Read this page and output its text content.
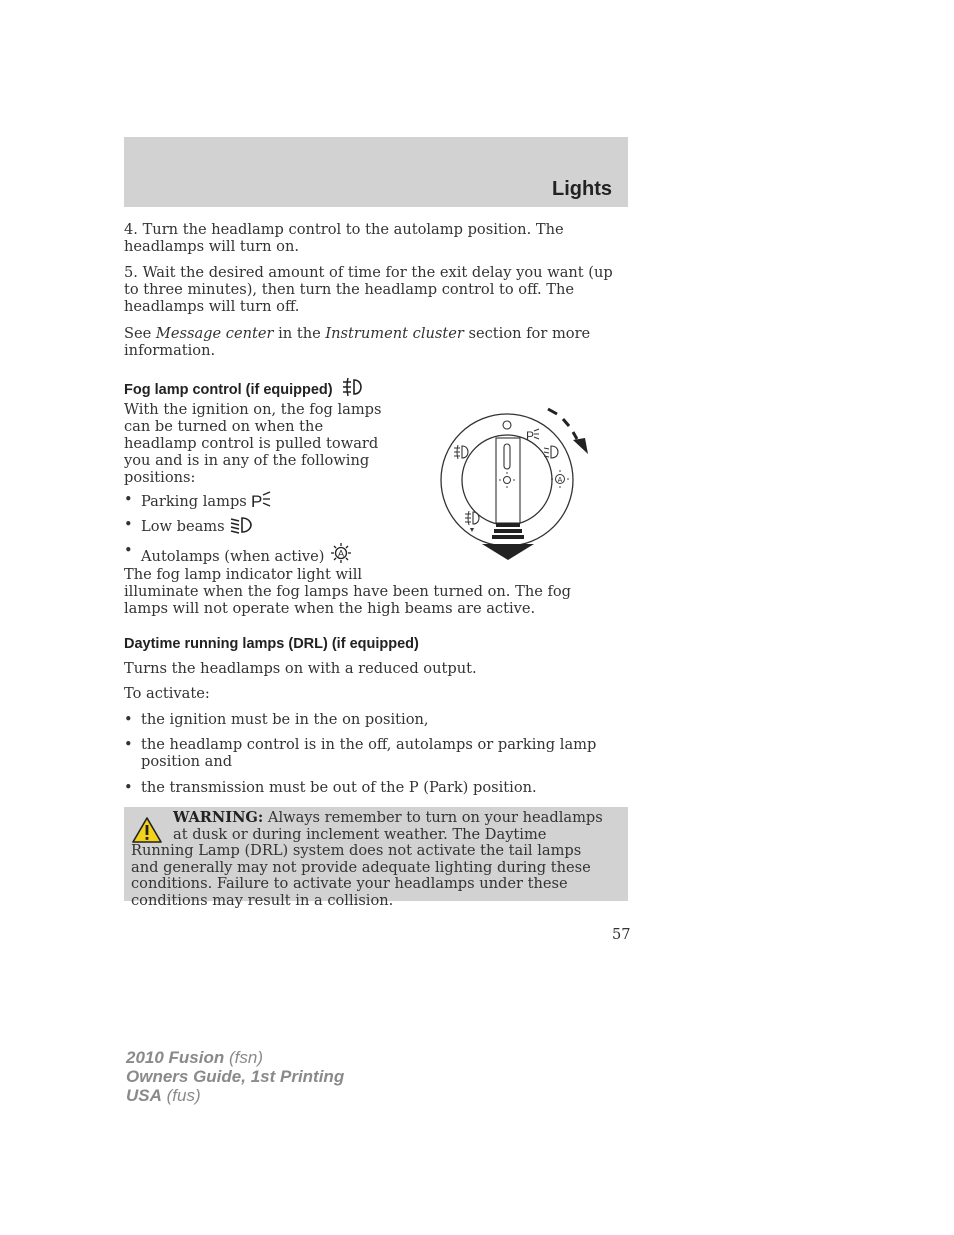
Lights

4. Turn the headlamp control to the autolamp position. The headlamps will turn on.

5. Wait the desired amount of time for the exit delay you want (up to three minutes), then turn the headlamp control to off. The headlamps will turn off.

See Message center in the Instrument cluster section for more information.

Fog lamp control (if equipped)
With the ignition on, the fog lamps
can be turned on when the
headlamp control is pulled toward
you and is in any of the following
positions:
• Parking lamps P
• Low beams
• Autolamps (when active) A
The fog lamp indicator light will
illuminate when the fog lamps have been turned on. The fog lamps will not operate when the high beams are active.
P
A
Daytime running lamps (DRL) (if equipped)

Turns the headlamps on with a reduced output.

To activate:

• the ignition must be in the on position,
• the headlamp control is in the off, autolamps or parking lamp position and
• the transmission must be out of the P (Park) position.
WARNING: Always remember to turn on your headlamps at dusk or during inclement weather. The Daytime Running Lamp (DRL) system does not activate the tail lamps and generally may not provide adequate lighting during these conditions. Failure to activate your headlamps under these conditions may result in a collision.
57
2010 Fusion (fsn)
Owners Guide, 1st Printing
USA (fus)
